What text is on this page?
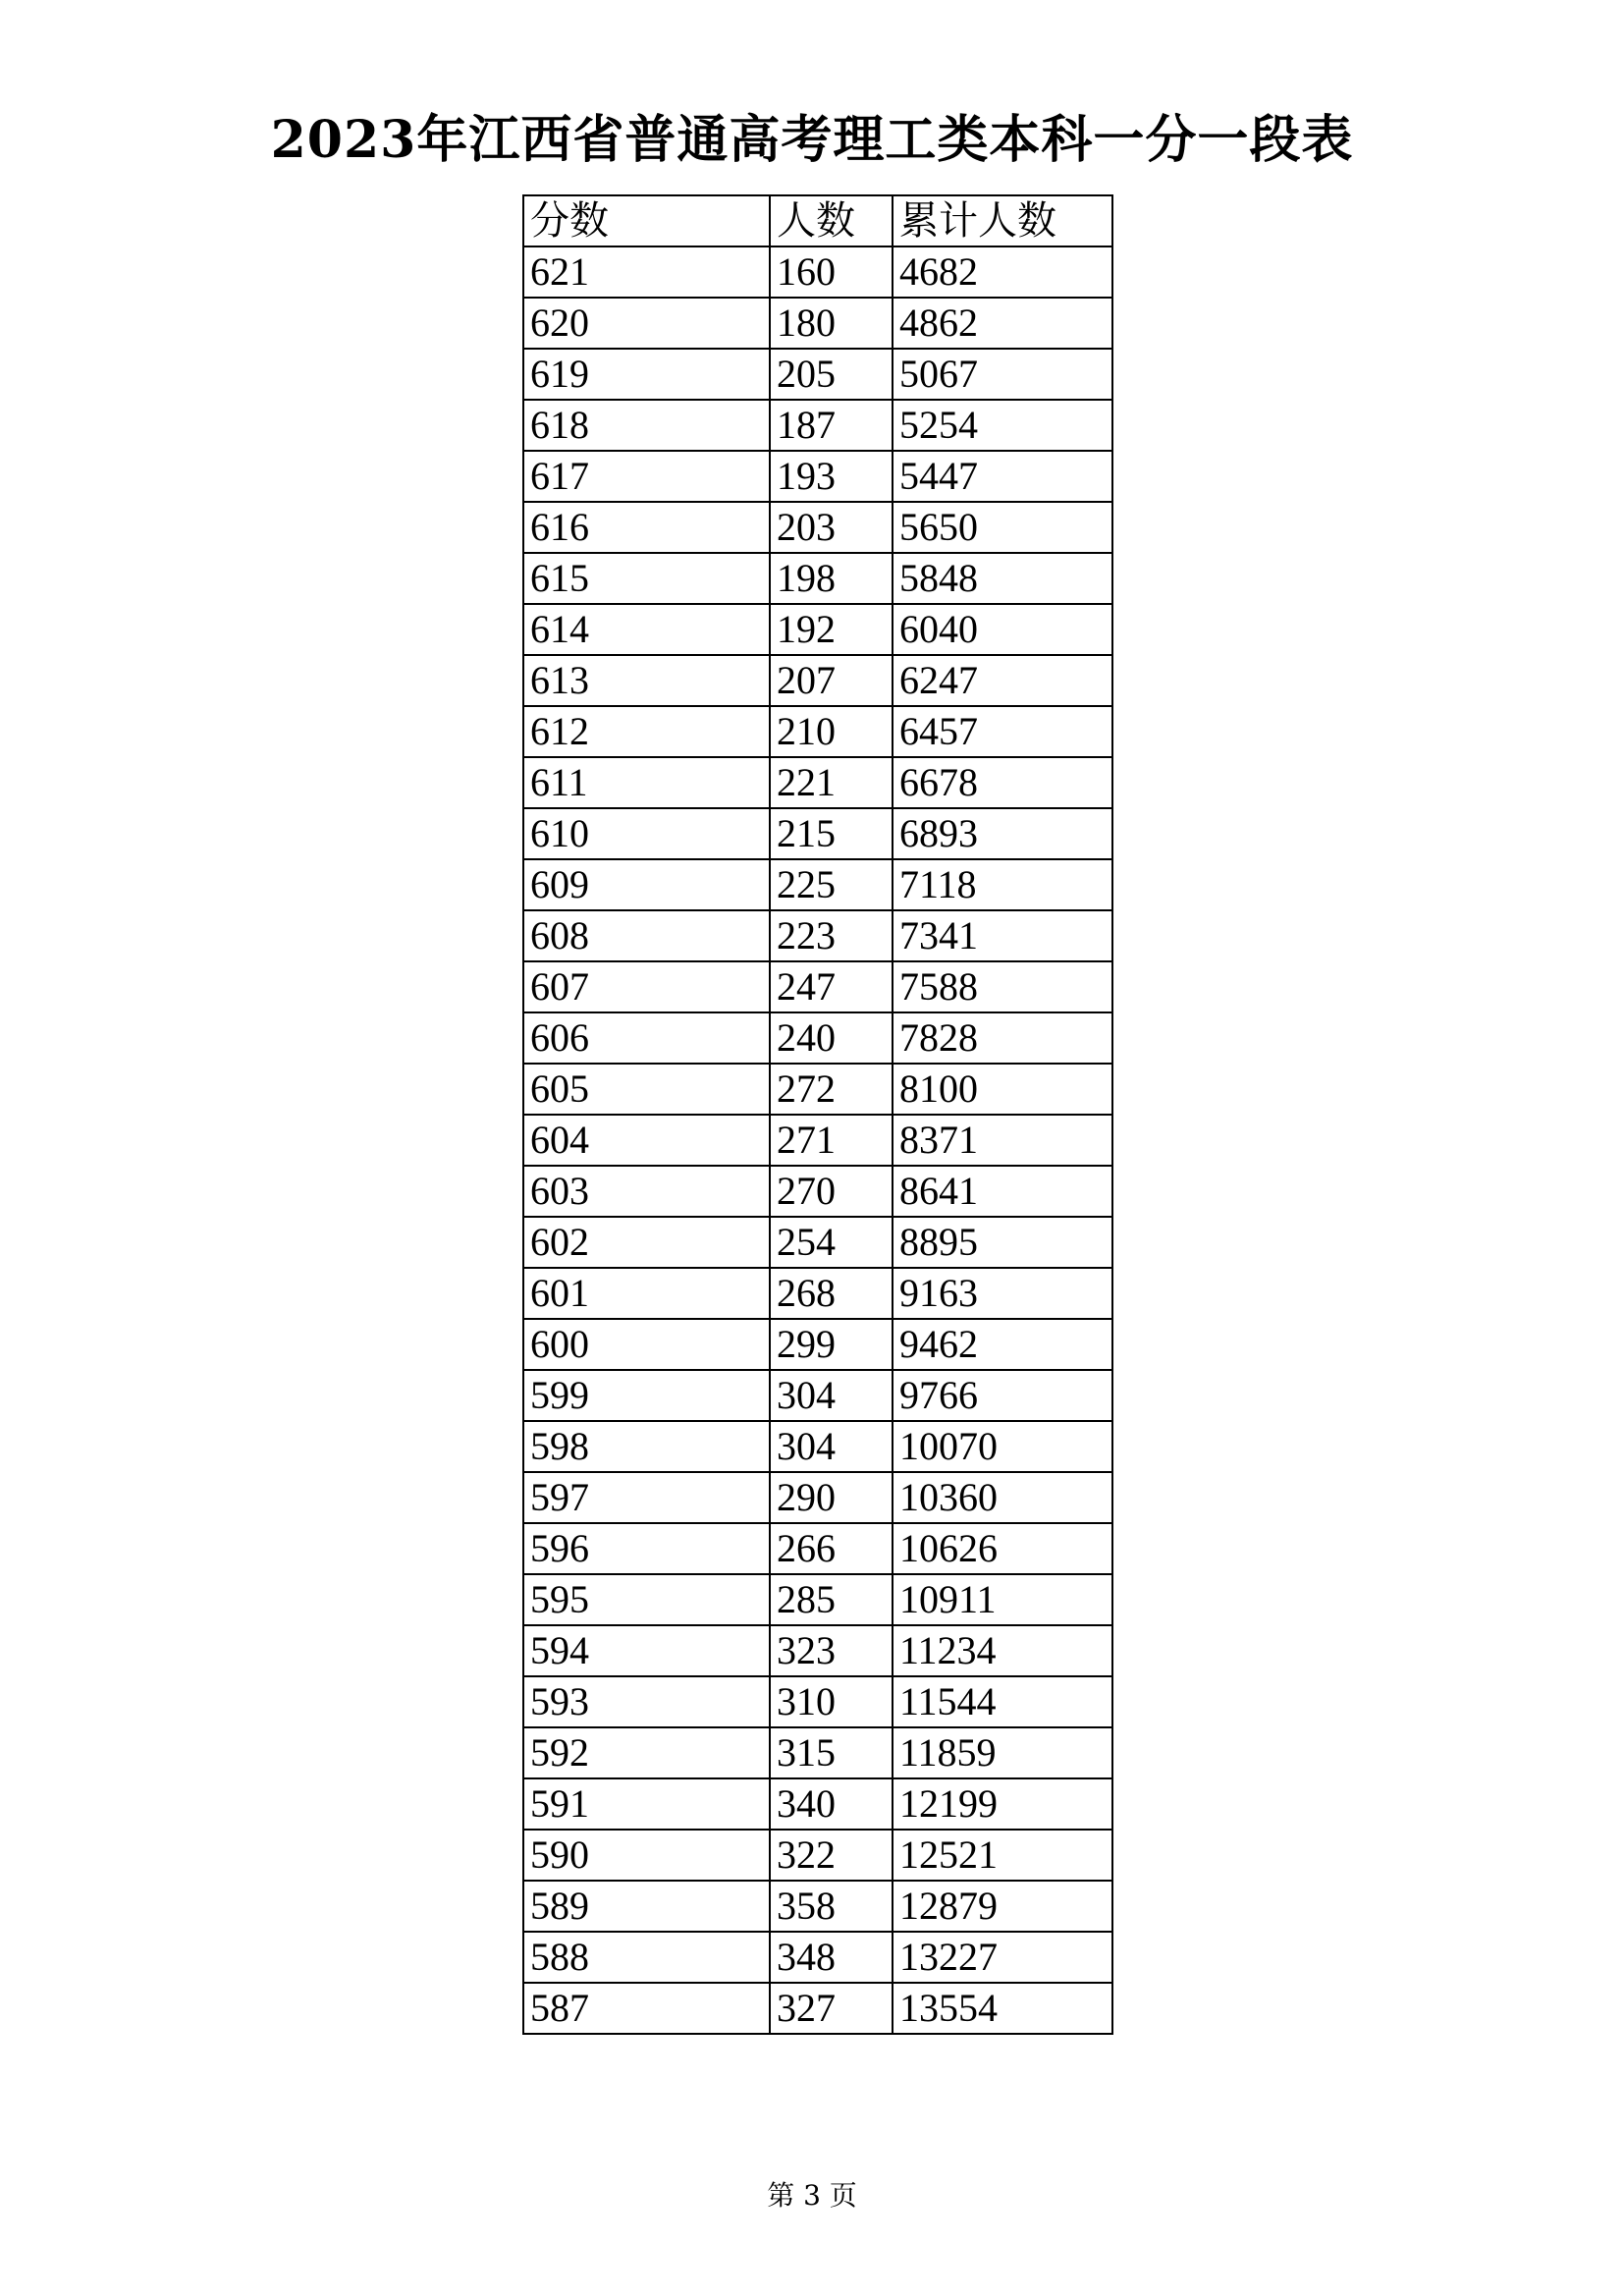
2023年江西省普通高考理工类本科一分一段表
分数	人数	累计人数
621	160	4682
620	180	4862
619	205	5067
618	187	5254
617	193	5447
616	203	5650
615	198	5848
614	192	6040
613	207	6247
612	210	6457
611	221	6678
610	215	6893
609	225	7118
608	223	7341
607	247	7588
606	240	7828
605	272	8100
604	271	8371
603	270	8641
602	254	8895
601	268	9163
600	299	9462
599	304	9766
598	304	10070
597	290	10360
596	266	10626
595	285	10911
594	323	11234
593	310	11544
592	315	11859
591	340	12199
590	322	12521
589	358	12879
588	348	13227
587	327	13554
第 3 页
